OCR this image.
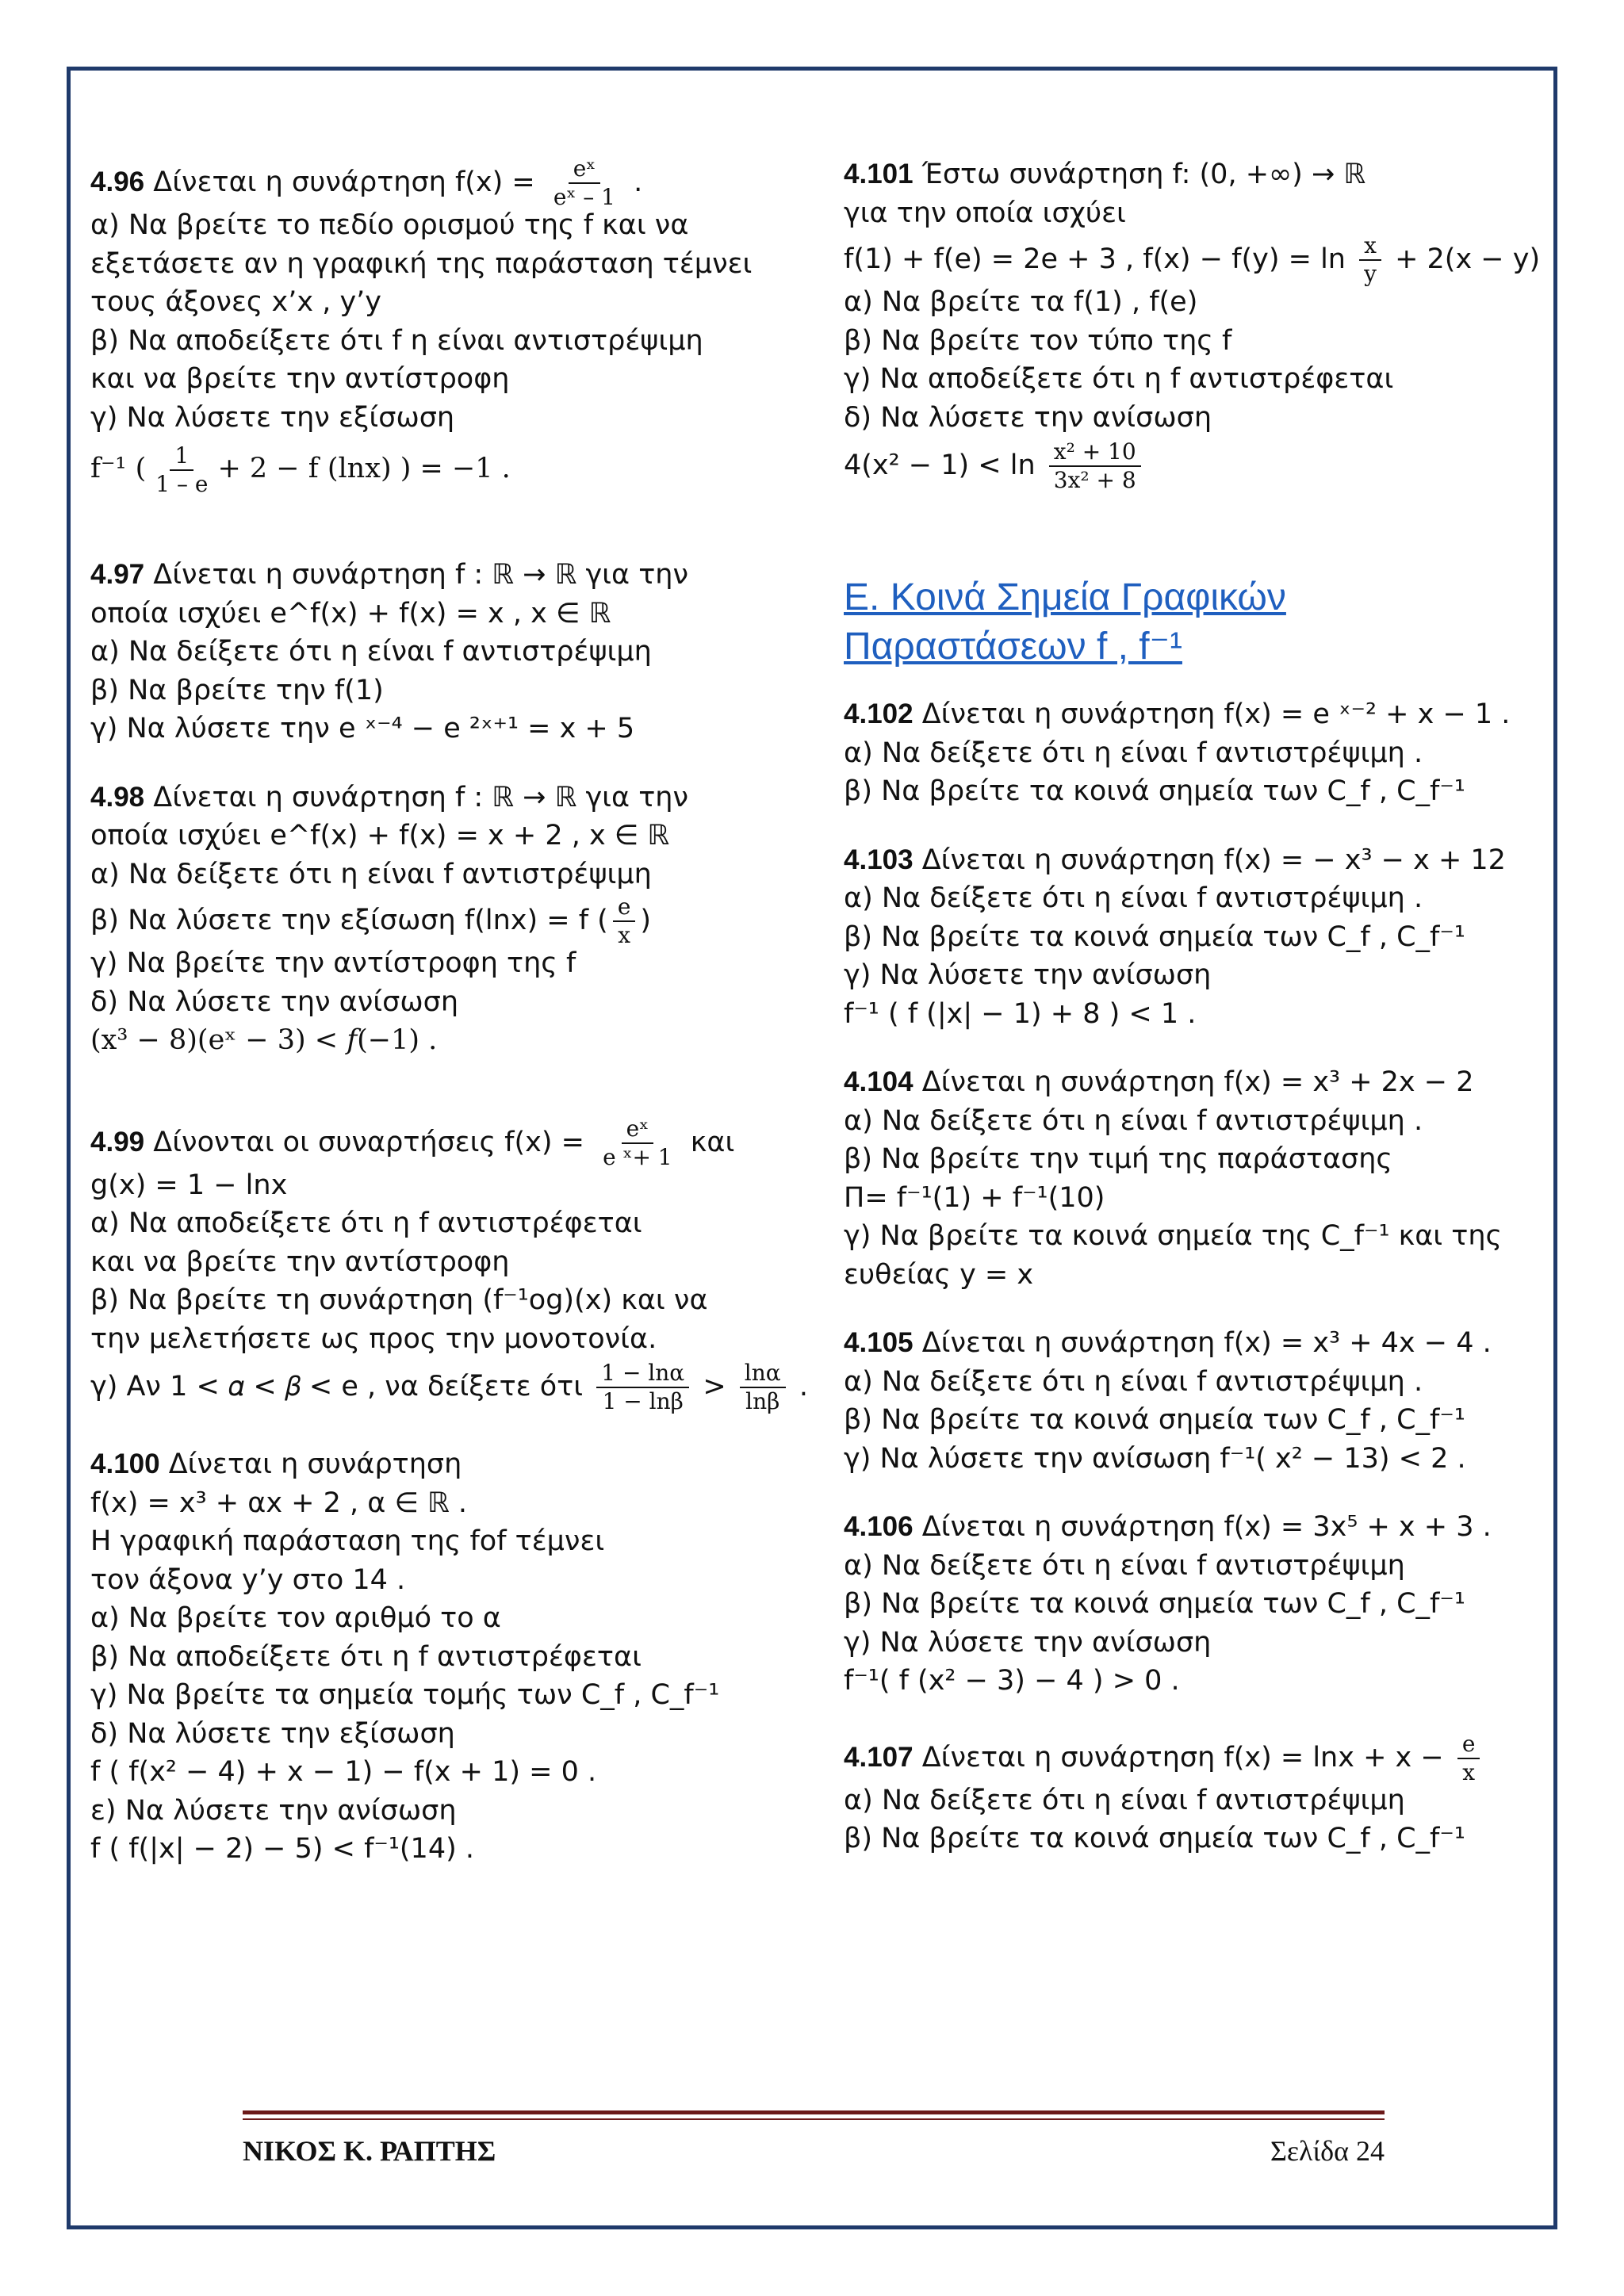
4.96 Δίνεται η συνάρτηση $f(x) = \frac{\text{eˣ}}{\text{eˣ – 1}}$ .
α) Να βρείτε το πεδίο ορισμού της f και να
εξετάσετε αν η γραφική της παράσταση τέμνει
τους άξονες x’x , y’y
β) Να αποδείξετε ότι f η είναι αντιστρέψιμη
και να βρείτε την αντίστροφη
γ) Να λύσετε την εξίσωση
f⁻¹ ( $\frac{1}{1 - e} + 2 - f$ (lnx) ) = −1 .
4.97 Δίνεται η συνάρτηση f : ℝ → ℝ για την
οποία ισχύει e^f(x) + f(x) = x , x ∈ ℝ
α) Να δείξετε ότι η είναι f αντιστρέψιμη
β) Να βρείτε την f(1)
γ) Να λύσετε την e ˣ⁻⁴ − e ²ˣ⁺¹ = x + 5
4.98 Δίνεται η συνάρτηση f : ℝ → ℝ για την
οποία ισχύει e^f(x) + f(x) = x + 2 , x ∈ ℝ
α) Να δείξετε ότι η είναι f αντιστρέψιμη
β) Να λύσετε την εξίσωση f(lnx) = f ( $\frac{e}{x}$ )
γ) Να βρείτε την αντίστροφη της f
δ) Να λύσετε την ανίσωση
(x³ − 8)(eˣ − 3) < 𝑓(−1) .
4.99 Δίνονται οι συναρτήσεις $f(x) = \frac{\text{eˣ}}{\text{e ˣ+ 1}}$ και
g(x) = 1 − lnx
α) Να αποδείξετε ότι η f αντιστρέφεται
και να βρείτε την αντίστροφη
β) Να βρείτε τη συνάρτηση (f⁻¹og)(x) και να
την μελετήσετε ως προς την μονοτονία.
γ) Αν 1 < 𝛼 < 𝛽 < e , να δείξετε ότι $\frac{1 - \ln\alpha}{1 - \ln\beta} > \frac{\ln\alpha}{\ln\beta}$ .
4.100 Δίνεται η συνάρτηση
f(x) = x³ + αx + 2 , α ∈ ℝ .
Η γραφική παράσταση της fof τέμνει
τον άξονα y’y στο 14 .
α) Να βρείτε τον αριθμό το α
β) Να αποδείξετε ότι η f αντιστρέφεται
γ) Να βρείτε τα σημεία τομής των C_f , C_f⁻¹
δ) Να λύσετε την εξίσωση
f ( f(x² − 4) + x − 1) − f(x + 1) = 0 .
ε) Να λύσετε την ανίσωση
f ( f(|x| − 2) − 5) < f⁻¹(14) .
4.101 Έστω συνάρτηση f: (0, +∞) → ℝ
για την οποία ισχύει
f(1) + f(e) = 2e + 3 , $f(x) - f(y) = \ln \frac{x}{y} + 2(x - y)$
α) Να βρείτε τα f(1) , f(e)
β) Να βρείτε τον τύπο της f
γ) Να αποδείξετε ότι η f αντιστρέφεται
δ) Να λύσετε την ανίσωση
$4(x^2 - 1) < \ln \frac{\text{x² + 10}}{\text{3x² + 8}}$
Ε. Κοινά Σημεία Γραφικών
Παραστάσεων f , f⁻¹
4.102 Δίνεται η συνάρτηση f(x) = e ˣ⁻² + x − 1 .
α) Να δείξετε ότι η είναι f αντιστρέψιμη .
β) Να βρείτε τα κοινά σημεία των C_f , C_f⁻¹
4.103 Δίνεται η συνάρτηση f(x) = − x³ − x + 12
α) Να δείξετε ότι η είναι f αντιστρέψιμη .
β) Να βρείτε τα κοινά σημεία των C_f , C_f⁻¹
γ) Να λύσετε την ανίσωση
f⁻¹ ( f (|x| − 1) + 8 ) < 1 .
4.104 Δίνεται η συνάρτηση f(x) = x³ + 2x − 2
α) Να δείξετε ότι η είναι f αντιστρέψιμη .
β) Να βρείτε την τιμή της παράστασης
Π= f⁻¹(1) + f⁻¹(10)
γ) Να βρείτε τα κοινά σημεία της C_f⁻¹ και της
ευθείας y = x
4.105 Δίνεται η συνάρτηση f(x) = x³ + 4x − 4 .
α) Να δείξετε ότι η είναι f αντιστρέψιμη .
β) Να βρείτε τα κοινά σημεία των C_f , C_f⁻¹
γ) Να λύσετε την ανίσωση f⁻¹( x² − 13) < 2 .
4.106 Δίνεται η συνάρτηση f(x) = 3x⁵ + x + 3 .
α) Να δείξετε ότι η είναι f αντιστρέψιμη
β) Να βρείτε τα κοινά σημεία των C_f , C_f⁻¹
γ) Να λύσετε την ανίσωση
f⁻¹( f (x² − 3) − 4 ) > 0 .
4.107 Δίνεται η συνάρτηση $f(x) = \ln x + x - \frac{e}{x}$
α) Να δείξετε ότι η είναι f αντιστρέψιμη
β) Να βρείτε τα κοινά σημεία των C_f , C_f⁻¹
ΝΙΚΟΣ Κ. ΡΑΠΤΗΣ	Σελίδα 24
